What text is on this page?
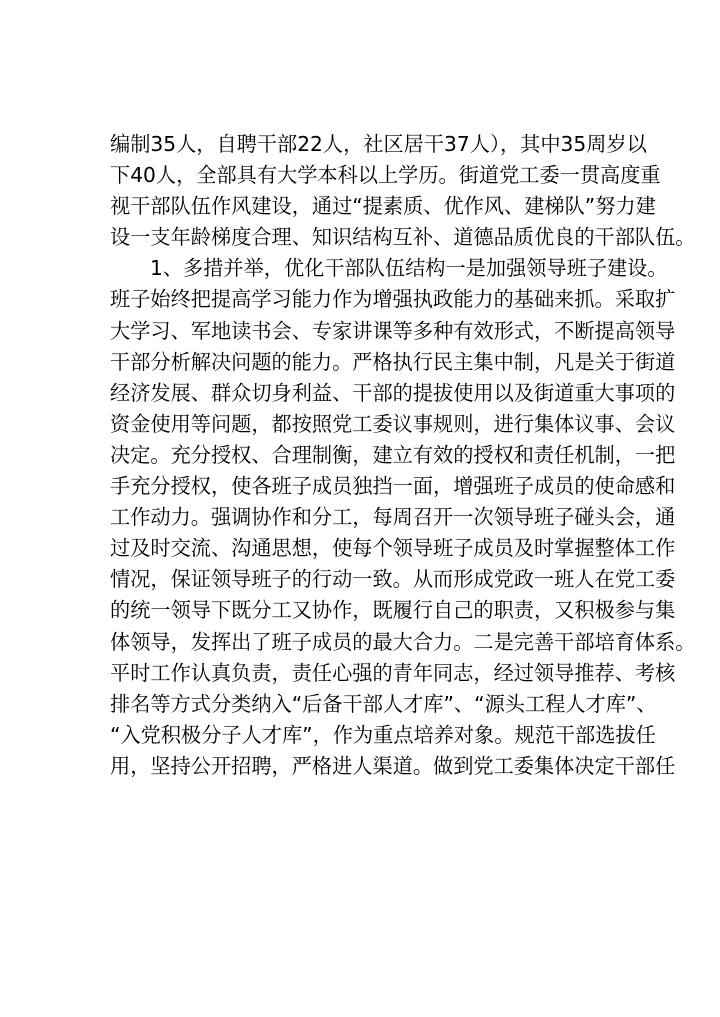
编制35人，自聘干部22人，社区居干37人），其中35周岁以
下40人，全部具有大学本科以上学历。街道党工委一贯高度重
视干部队伍作风建设，通过“提素质、优作风、建梯队”努力建
设一支年龄梯度合理、知识结构互补、道德品质优良的干部队伍。
1、多措并举，优化干部队伍结构一是加强领导班子建设。
班子始终把提高学习能力作为增强执政能力的基础来抓。采取扩
大学习、军地读书会、专家讲课等多种有效形式，不断提高领导
干部分析解决问题的能力。严格执行民主集中制，凡是关于街道
经济发展、群众切身利益、干部的提拔使用以及街道重大事项的
资金使用等问题，都按照党工委议事规则，进行集体议事、会议
决定。充分授权、合理制衡，建立有效的授权和责任机制，一把
手充分授权，使各班子成员独挡一面，增强班子成员的使命感和
工作动力。强调协作和分工，每周召开一次领导班子碰头会，通
过及时交流、沟通思想，使每个领导班子成员及时掌握整体工作
情况，保证领导班子的行动一致。从而形成党政一班人在党工委
的统一领导下既分工又协作，既履行自己的职责，又积极参与集
体领导，发挥出了班子成员的最大合力。二是完善干部培育体系。
平时工作认真负责，责任心强的青年同志，经过领导推荐、考核
排名等方式分类纳入“后备干部人才库”、“源头工程人才库”、
“入党积极分子人才库”，作为重点培养对象。规范干部选拔任
用，坚持公开招聘，严格进人渠道。做到党工委集体决定干部任
